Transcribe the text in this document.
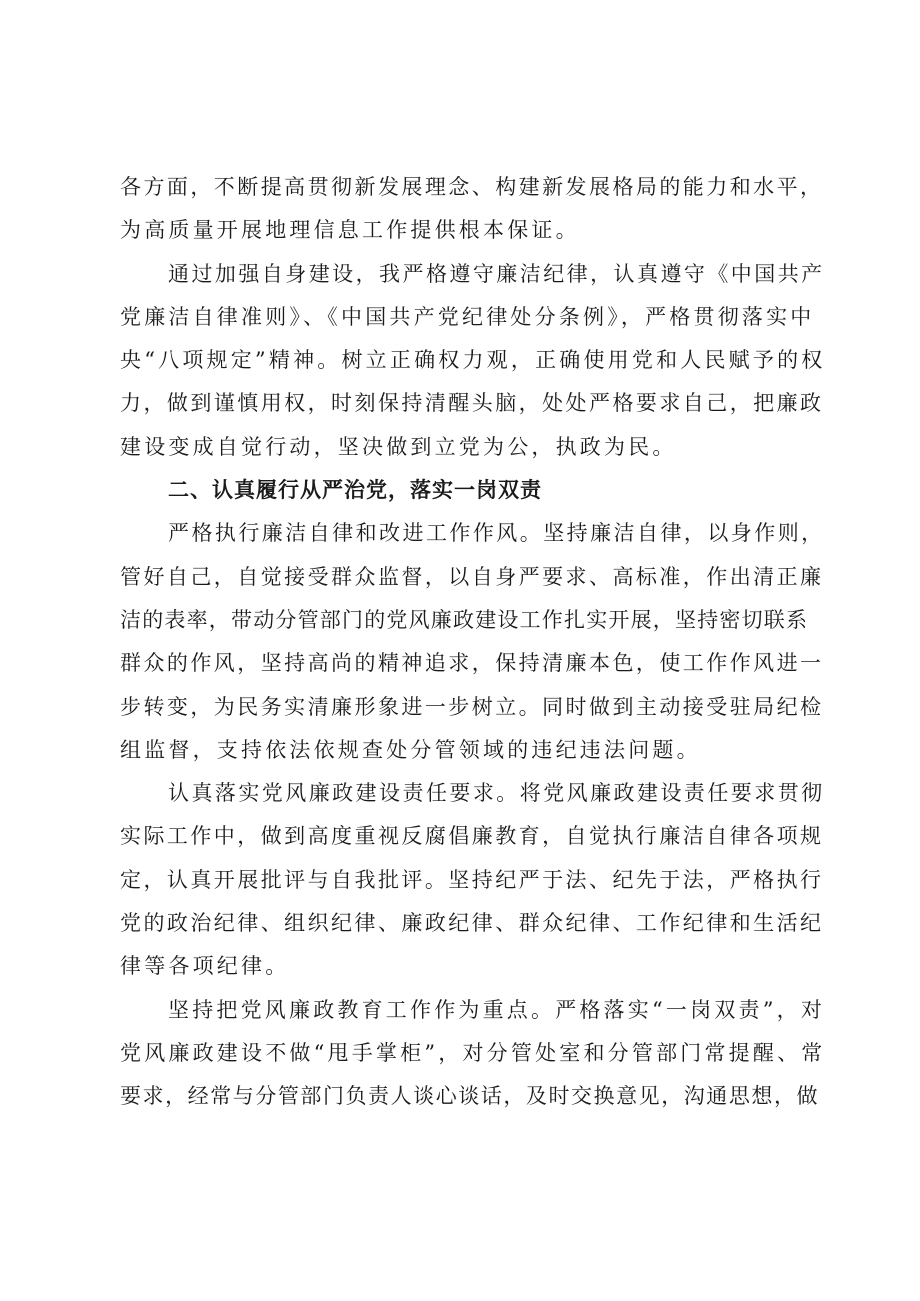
各方面，不断提高贯彻新发展理念、构建新发展格局的能力和水平，
为高质量开展地理信息工作提供根本保证。
通过加强自身建设，我严格遵守廉洁纪律，认真遵守《中国共产
党廉洁自律准则》、《中国共产党纪律处分条例》，严格贯彻落实中
央“八项规定”精神。树立正确权力观，正确使用党和人民赋予的权
力，做到谨慎用权，时刻保持清醒头脑，处处严格要求自己，把廉政
建设变成自觉行动，坚决做到立党为公，执政为民。
二、认真履行从严治党，落实一岗双责
严格执行廉洁自律和改进工作作风。坚持廉洁自律，以身作则，
管好自己，自觉接受群众监督，以自身严要求、高标准，作出清正廉
洁的表率，带动分管部门的党风廉政建设工作扎实开展，坚持密切联系
群众的作风，坚持高尚的精神追求，保持清廉本色，使工作作风进一
步转变，为民务实清廉形象进一步树立。同时做到主动接受驻局纪检
组监督，支持依法依规查处分管领域的违纪违法问题。
认真落实党风廉政建设责任要求。将党风廉政建设责任要求贯彻
实际工作中，做到高度重视反腐倡廉教育，自觉执行廉洁自律各项规
定，认真开展批评与自我批评。坚持纪严于法、纪先于法，严格执行
党的政治纪律、组织纪律、廉政纪律、群众纪律、工作纪律和生活纪
律等各项纪律。
坚持把党风廉政教育工作作为重点。严格落实“一岗双责”，对
党风廉政建设不做“甩手掌柜”，对分管处室和分管部门常提醒、常
要求，经常与分管部门负责人谈心谈话，及时交换意见，沟通思想，做
